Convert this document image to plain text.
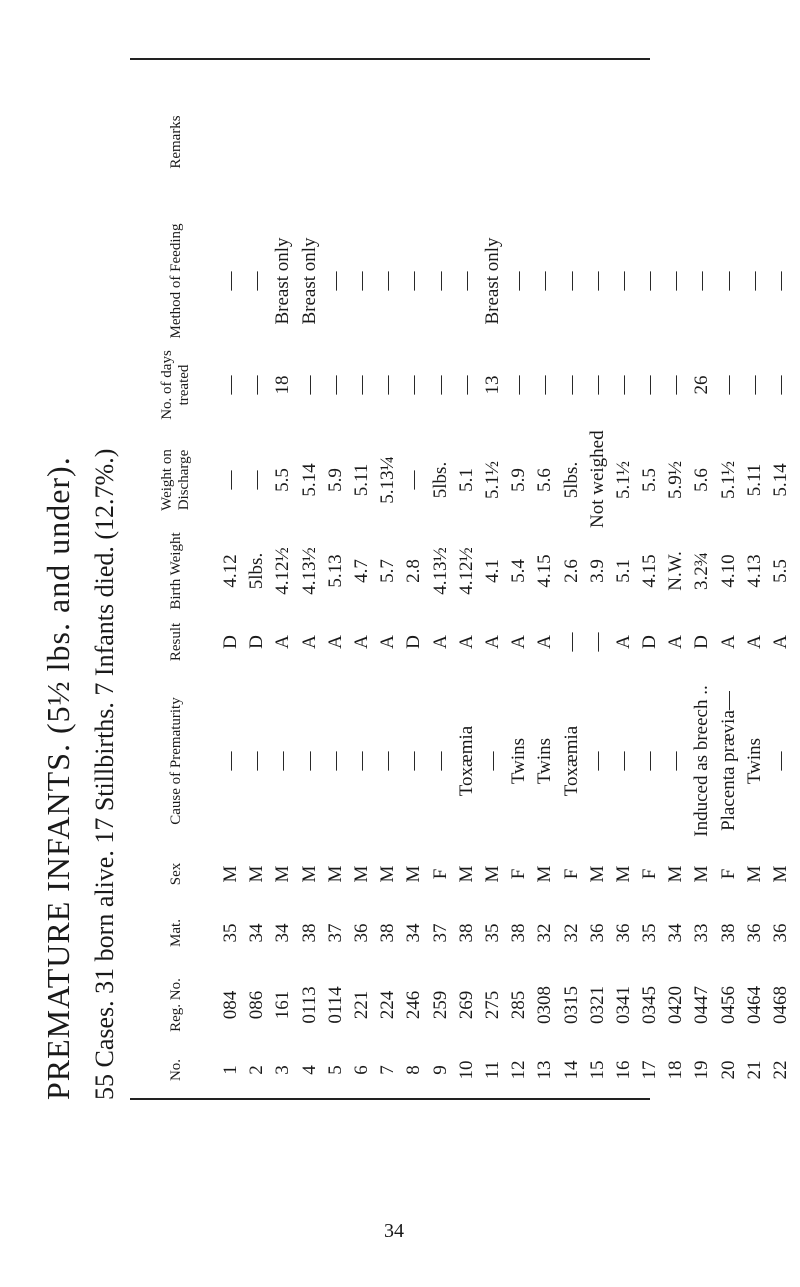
PREMATURE INFANTS. (5½ lbs. and under). 55 Cases. 31 born alive. 17 Stillbirths. 7 Infants died. (12.7%.)	No.	Reg. No.	Mat.	Sex	Cause of Prematurity	Result	Birth Weight	Weight on Discharge	No. of days treated	Method of Feeding	Remarks
1	084	35	M	—	D	4.12	—	—	—	
2	086	34	M	—	D	5lbs.	—	—	—	
3	161	34	M	—	A	4.12½	5.5	18	Breast only	
4	0113	38	M	—	A	4.13½	5.14	—	Breast only	
5	0114	37	M	—	A	5.13	5.9	—	—	
6	221	36	M	—	A	4.7	5.11	—	—	
7	224	38	M	—	A	5.7	5.13¼	—	—	
8	246	34	M	—	D	2.8	—	—	—	
9	259	37	F	—	A	4.13½	5lbs.	—	—	
10	269	38	M	Toxæmia	A	4.12½	5.1	—	—	
11	275	35	M	—	A	4.1	5.1½	13	Breast only	
12	285	38	F	Twins	A	5.4	5.9	—	—	
13	0308	32	M	Twins	A	4.15	5.6	—	—	
14	0315	32	F	Toxæmia	—	2.6	5lbs.	—	—	
15	0321	36	M	—	—	3.9	Not weighed	—	—	
16	0341	36	M	—	A	5.1	5.1½	—	—	
17	0345	35	F	—	D	4.15	5.5	—	—	
18	0420	34	M	—	A	N.W.	5.9½	—	—	
19	0447	33	M	Induced as breech ..	D	3.2¾	5.6	26	—	
20	0456	38	F	Placenta prævia—	A	4.10	5.1½	—	—	
21	0464	36	M	Twins	A	4.13	5.11	—	—	
22	0468	36	M	—	A	5.5	5.14	—	—	
34
